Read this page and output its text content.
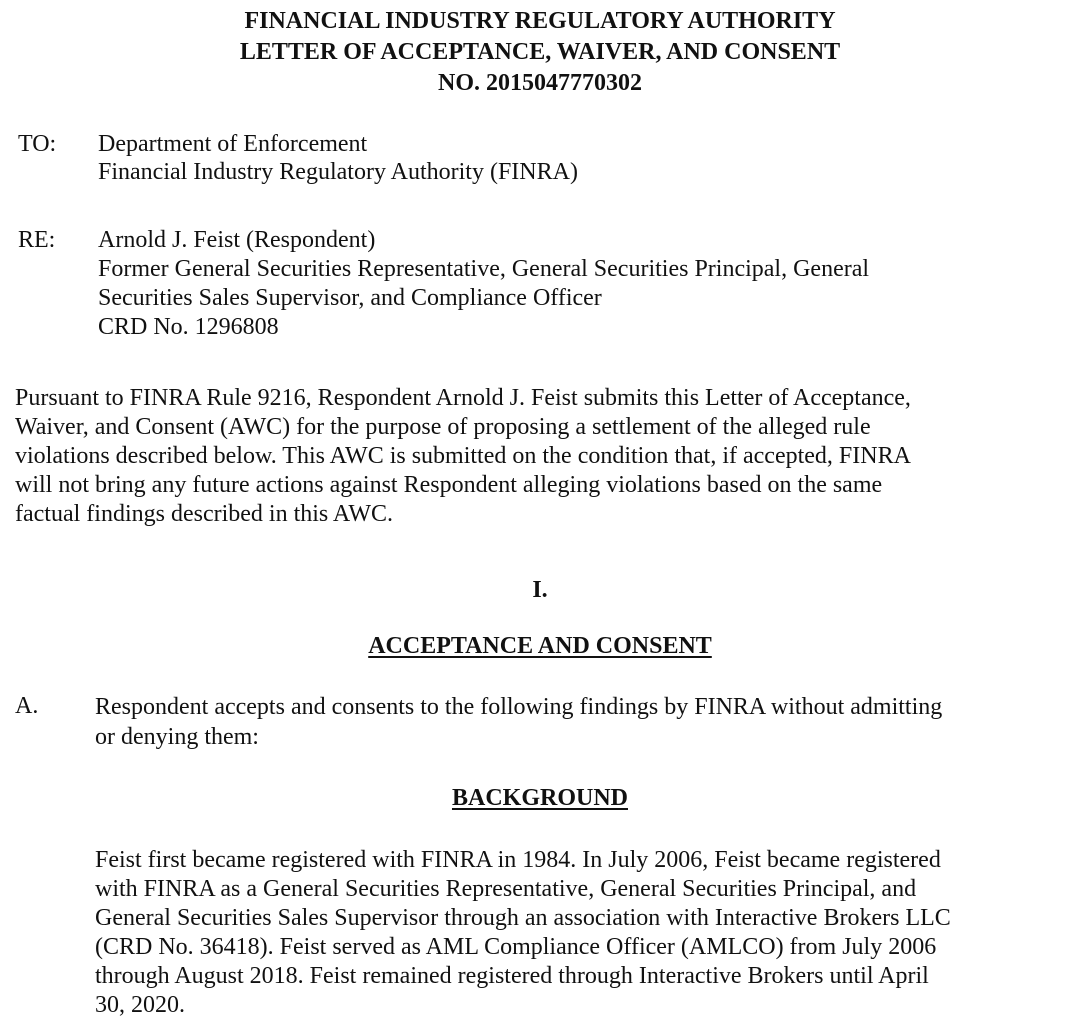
FINANCIAL INDUSTRY REGULATORY AUTHORITY
LETTER OF ACCEPTANCE, WAIVER, AND CONSENT
NO. 2015047770302
TO: Department of Enforcement
Financial Industry Regulatory Authority (FINRA)
RE: Arnold J. Feist (Respondent)
Former General Securities Representative, General Securities Principal, General
Securities Sales Supervisor, and Compliance Officer
CRD No. 1296808
Pursuant to FINRA Rule 9216, Respondent Arnold J. Feist submits this Letter of Acceptance,
Waiver, and Consent (AWC) for the purpose of proposing a settlement of the alleged rule
violations described below. This AWC is submitted on the condition that, if accepted, FINRA
will not bring any future actions against Respondent alleging violations based on the same
factual findings described in this AWC.
I.
ACCEPTANCE AND CONSENT
A. Respondent accepts and consents to the following findings by FINRA without admitting
or denying them:
BACKGROUND
Feist first became registered with FINRA in 1984. In July 2006, Feist became registered
with FINRA as a General Securities Representative, General Securities Principal, and
General Securities Sales Supervisor through an association with Interactive Brokers LLC
(CRD No. 36418). Feist served as AML Compliance Officer (AMLCO) from July 2006
through August 2018. Feist remained registered through Interactive Brokers until April
30, 2020.
